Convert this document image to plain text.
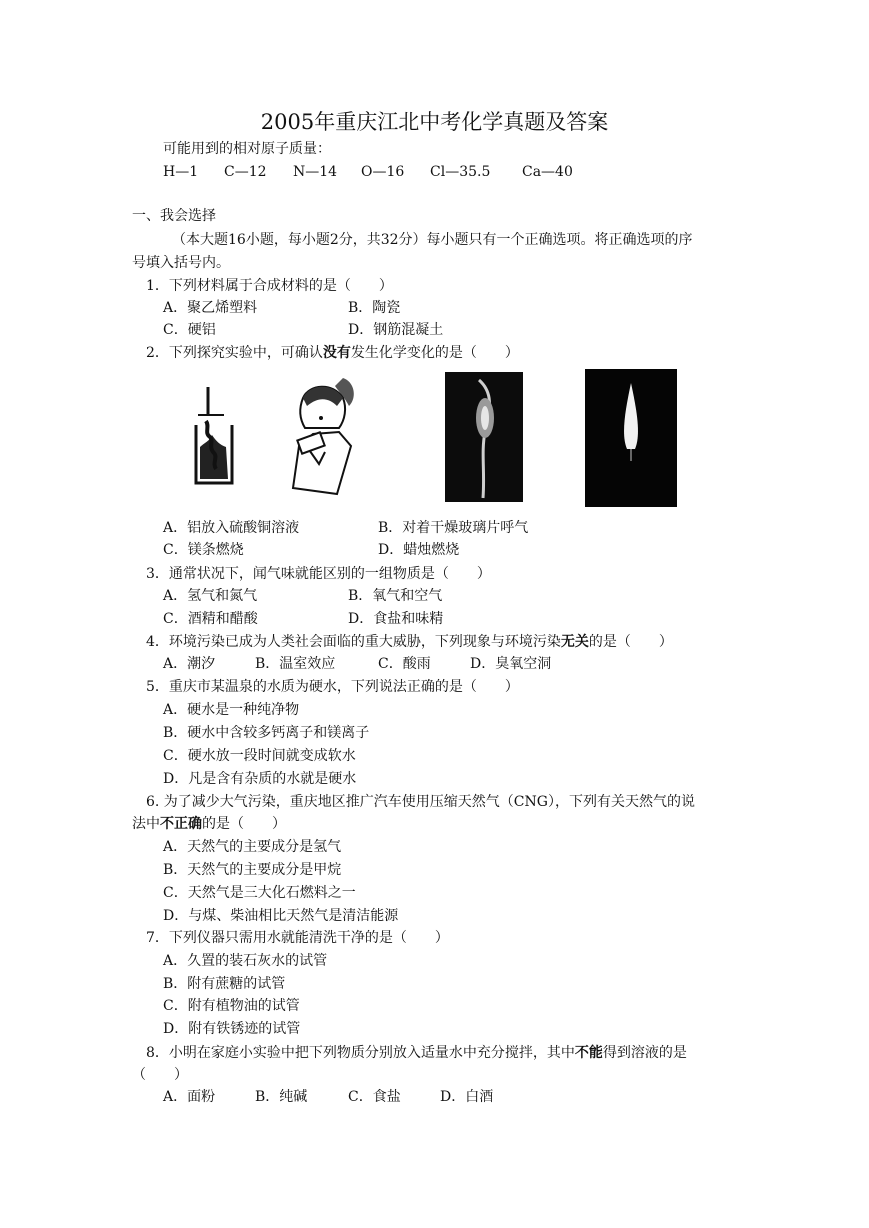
2005年重庆江北中考化学真题及答案
可能用到的相对原子质量：
H—1 C—12 N—14 O—16 Cl—35.5 Ca—40
一、我会选择
（本大题16小题，每小题2分，共32分）每小题只有一个正确选项。将正确选项的序
号填入括号内。
1．下列材料属于合成材料的是（　　）
A．聚乙烯塑料	B．陶瓷
C．硬铝	D．钢筋混凝土
2．下列探究实验中，可确认没有发生化学变化的是（　　）
A．铝放入硫酸铜溶液	B．对着干燥玻璃片呼气
C．镁条燃烧	D．蜡烛燃烧
3．通常状况下，闻气味就能区别的一组物质是（　　）
A．氢气和氮气	B．氧气和空气
C．酒精和醋酸	D．食盐和味精
4．环境污染已成为人类社会面临的重大威胁，下列现象与环境污染无关的是（　　）
A．潮汐	B．温室效应	C．酸雨	D．臭氧空洞
5．重庆市某温泉的水质为硬水，下列说法正确的是（　　）
A．硬水是一种纯净物
B．硬水中含较多钙离子和镁离子
C．硬水放一段时间就变成软水
D．凡是含有杂质的水就是硬水
6. 为了减少大气污染，重庆地区推广汽车使用压缩天然气（CNG），下列有关天然气的说
法中不正确的是（　　）
A．天然气的主要成分是氢气
B．天然气的主要成分是甲烷
C．天然气是三大化石燃料之一
D．与煤、柴油相比天然气是清洁能源
7．下列仪器只需用水就能清洗干净的是（　　）
A．久置的装石灰水的试管
B．附有蔗糖的试管
C．附有植物油的试管
D．附有铁锈迹的试管
8．小明在家庭小实验中把下列物质分别放入适量水中充分搅拌，其中不能得到溶液的是
（　　）
A．面粉	B．纯碱	C．食盐	D．白酒
